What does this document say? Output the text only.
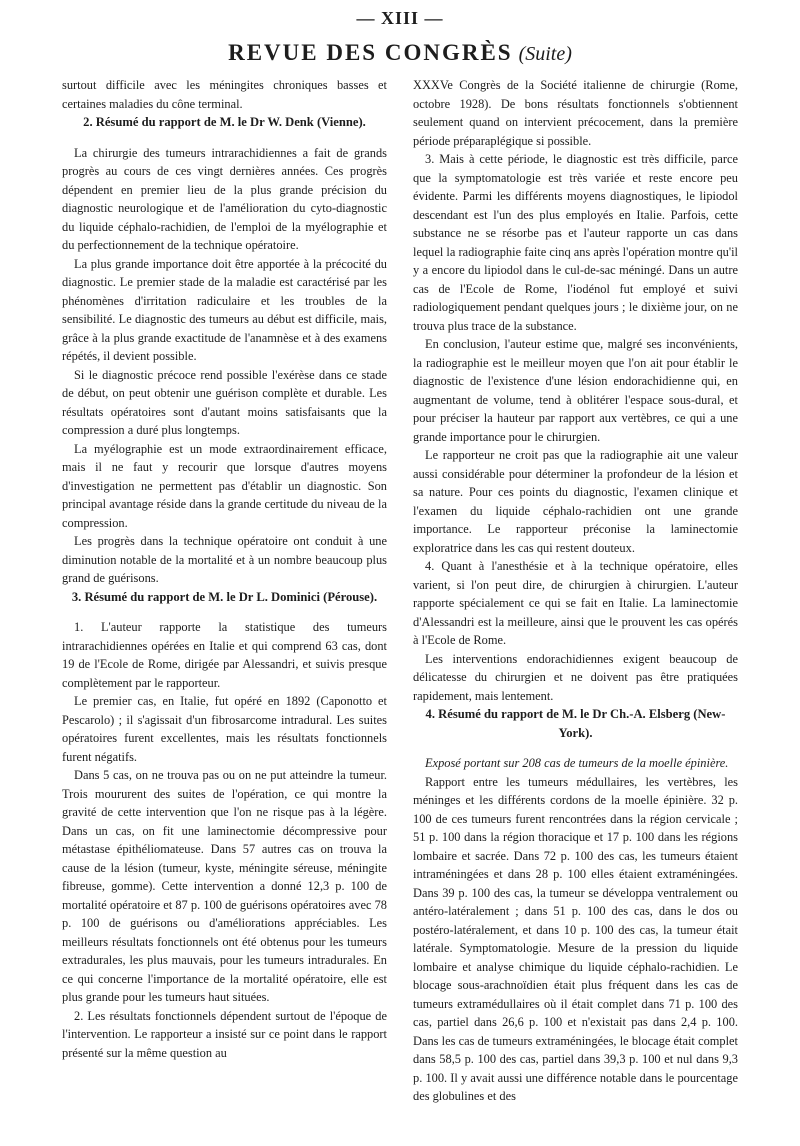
— XIII —
REVUE DES CONGRÈS (Suite)

surtout difficile avec les méningites chroniques basses et certaines maladies du cône terminal.

2. Résumé du rapport de M. le Dr W. Denk (Vienne).

La chirurgie des tumeurs intrarachidiennes a fait de grands progrès au cours de ces vingt dernières années. Ces progrès dépendent en premier lieu de la plus grande précision du diagnostic neurologique et de l'amélioration du cyto-diagnostic du liquide céphalo-rachidien, de l'emploi de la myélographie et du perfectionnement de la technique opératoire.

La plus grande importance doit être apportée à la précocité du diagnostic. Le premier stade de la maladie est caractérisé par les phénomènes d'irritation radiculaire et les troubles de la sensibilité. Le diagnostic des tumeurs au début est difficile, mais, grâce à la plus grande exactitude de l'anamnèse et à des examens répétés, il devient possible.

Si le diagnostic précoce rend possible l'exérèse dans ce stade de début, on peut obtenir une guérison complète et durable. Les résultats opératoires sont d'autant moins satisfaisants que la compression a duré plus longtemps.

La myélographie est un mode extraordinairement efficace, mais il ne faut y recourir que lorsque d'autres moyens d'investigation ne permettent pas d'établir un diagnostic. Son principal avantage réside dans la grande certitude du niveau de la compression.

Les progrès dans la technique opératoire ont conduit à une diminution notable de la mortalité et à un nombre beaucoup plus grand de guérisons.

3. Résumé du rapport de M. le Dr L. Dominici (Pérouse).

1. L'auteur rapporte la statistique des tumeurs intrarachidiennes opérées en Italie et qui comprend 63 cas, dont 19 de l'Ecole de Rome, dirigée par Alessandri, et suivis presque complètement par le rapporteur.

Le premier cas, en Italie, fut opéré en 1892 (Caponotto et Pescarolo) ; il s'agissait d'un fibrosarcome intradural. Les suites opératoires furent excellentes, mais les résultats fonctionnels furent négatifs.

Dans 5 cas, on ne trouva pas ou on ne put atteindre la tumeur. Trois moururent des suites de l'opération, ce qui montre la gravité de cette intervention que l'on ne risque pas à la légère. Dans un cas, on fit une laminectomie décompressive pour métastase épithéliomateuse. Dans 57 autres cas on trouva la cause de la lésion (tumeur, kyste, méningite séreuse, méningite fibreuse, gomme). Cette intervention a donné 12,3 p. 100 de mortalité opératoire et 87 p. 100 de guérisons opératoires avec 78 p. 100 de guérisons ou d'améliorations appréciables. Les meilleurs résultats fonctionnels ont été obtenus pour les tumeurs extradurales, les plus mauvais, pour les tumeurs intradurales. En ce qui concerne l'importance de la mortalité opératoire, elle est plus grande pour les tumeurs haut situées.

2. Les résultats fonctionnels dépendent surtout de l'époque de l'intervention. Le rapporteur a insisté sur ce point dans le rapport présenté sur la même question au

XXXVe Congrès de la Société italienne de chirurgie (Rome, octobre 1928). De bons résultats fonctionnels s'obtiennent seulement quand on intervient précocement, dans la première période préparaplégique si possible.

3. Mais à cette période, le diagnostic est très difficile, parce que la symptomatologie est très variée et reste encore peu évidente. Parmi les différents moyens diagnostiques, le lipiodol descendant est l'un des plus employés en Italie. Parfois, cette substance ne se résorbe pas et l'auteur rapporte un cas dans lequel la radiographie faite cinq ans après l'opération montre qu'il y a encore du lipiodol dans le cul-de-sac méningé. Dans un autre cas de l'Ecole de Rome, l'iodénol fut employé et suivi radiologiquement pendant quelques jours ; le dixième jour, on ne trouva plus trace de la substance.

En conclusion, l'auteur estime que, malgré ses inconvénients, la radiographie est le meilleur moyen que l'on ait pour établir le diagnostic de l'existence d'une lésion endorachidienne qui, en augmentant de volume, tend à oblitérer l'espace sous-dural, et pour préciser la hauteur par rapport aux vertèbres, ce qui a une grande importance pour le chirurgien.

Le rapporteur ne croit pas que la radiographie ait une valeur aussi considérable pour déterminer la profondeur de la lésion et sa nature. Pour ces points du diagnostic, l'examen clinique et l'examen du liquide céphalo-rachidien ont une grande importance. Le rapporteur préconise la laminectomie exploratrice dans les cas qui restent douteux.

4. Quant à l'anesthésie et à la technique opératoire, elles varient, si l'on peut dire, de chirurgien à chirurgien. L'auteur rapporte spécialement ce qui se fait en Italie. La laminectomie d'Alessandri est la meilleure, ainsi que le prouvent les cas opérés à l'Ecole de Rome.

Les interventions endorachidiennes exigent beaucoup de délicatesse du chirurgien et ne doivent pas être pratiquées rapidement, mais lentement.

4. Résumé du rapport de M. le Dr Ch.-A. Elsberg (New-York).

Exposé portant sur 208 cas de tumeurs de la moelle épinière.

Rapport entre les tumeurs médullaires, les vertèbres, les méninges et les différents cordons de la moelle épinière. 32 p. 100 de ces tumeurs furent rencontrées dans la région cervicale ; 51 p. 100 dans la région thoracique et 17 p. 100 dans les régions lombaire et sacrée. Dans 72 p. 100 des cas, les tumeurs étaient intraméningées et dans 28 p. 100 elles étaient extraméningées. Dans 39 p. 100 des cas, la tumeur se développa ventralement ou antéro-latéralement ; dans 51 p. 100 des cas, dans le dos ou postéro-latéralement, et dans 10 p. 100 des cas, la tumeur était latérale. Symptomatologie. Mesure de la pression du liquide lombaire et analyse chimique du liquide céphalo-rachidien. Le blocage sous-arachnoïdien était plus fréquent dans les cas de tumeurs extramédullaires où il était complet dans 71 p. 100 des cas, partiel dans 26,6 p. 100 et n'existait pas dans 2,4 p. 100. Dans les cas de tumeurs extraméningées, le blocage était complet dans 58,5 p. 100 des cas, partiel dans 39,3 p. 100 et nul dans 9,3 p. 100. Il y avait aussi une différence notable dans le pourcentage des globulines et des
